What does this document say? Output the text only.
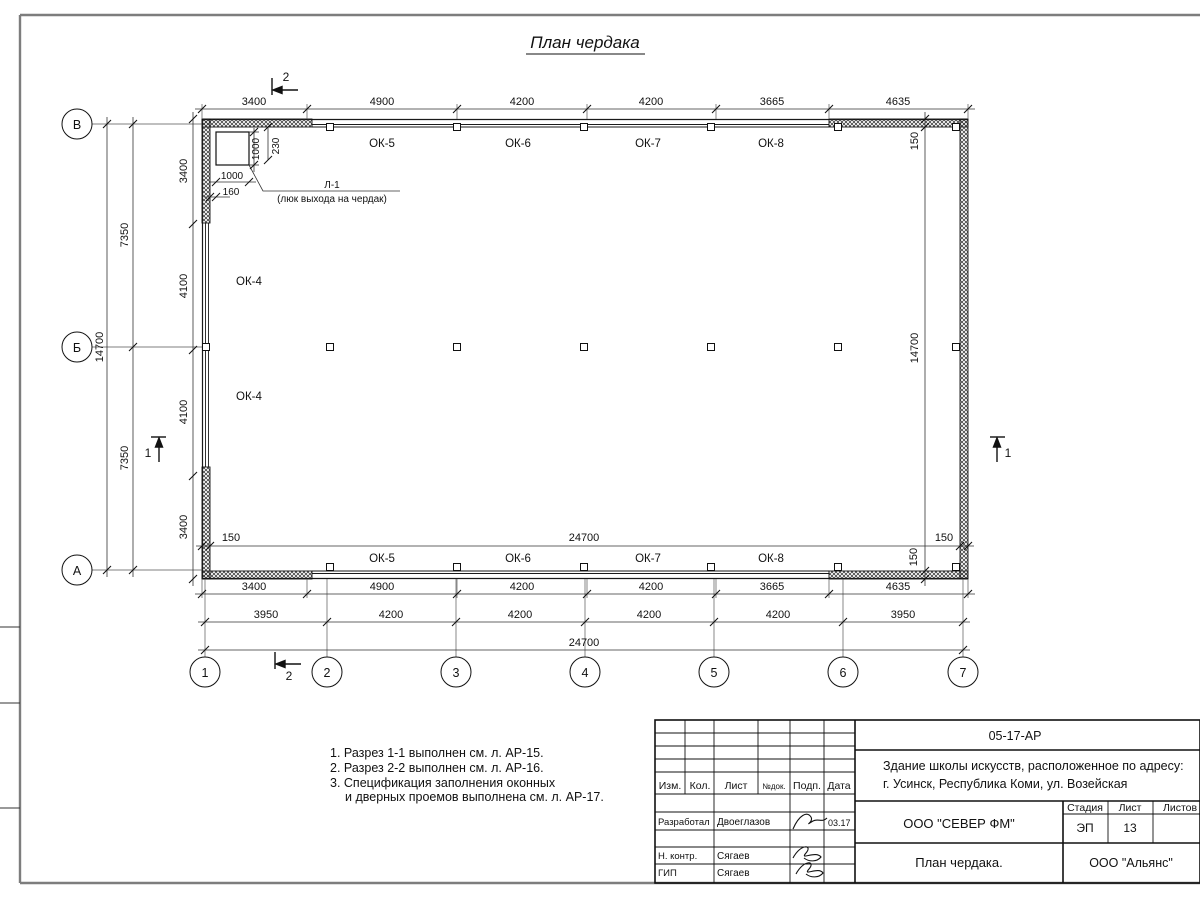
План чердака
3400	4900	4200	4200	3665	4635
3400	4900	4200	4200	3665	4635
3950	4200	4200	4200	4200	3950
24700
24700
150	150
150
150
3400
4100
4100
3400
7350
7350
14700	14700
ОК-5	ОК-6	ОК-7	ОК-8
ОК-5	ОК-6	ОК-7	ОК-8
ОК-4
ОК-4
1000 230
1000
160
Л-1
(люк выхода на чердак)
2
2
1	1
В
Б
А
1	2	3	4	5	6	7
1. Разрез 1-1 выполнен см. л. АР-15.
2. Разрез 2-2 выполнен см. л. АР-16.
3. Спецификация заполнения оконных
и дверных проемов выполнена см. л. АР-17.
Изм. Кол. Лист №док. Подп. Дата
Разработал Двоеглазов	03.17
Н. контр. Сягаев
ГИП	Сягаев
05-17-АР
Здание школы искусств, расположенное по адресу:
г. Усинск, Республика Коми, ул. Возейская
ООО "СЕВЕР ФМ"
Стадия Лист Листов
ЭП 13
План чердака.	ООО "Альянс"
